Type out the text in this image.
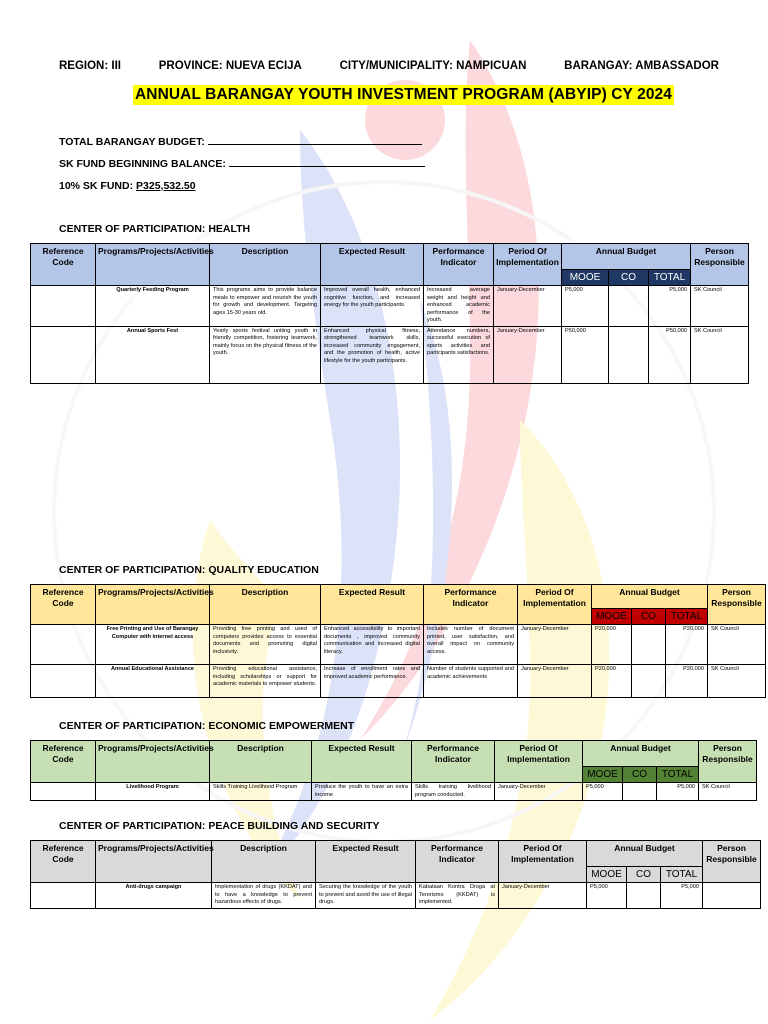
REGION: III	PROVINCE: NUEVA ECIJA	CITY/MUNICIPALITY: NAMPICUAN	BARANGAY: AMBASSADOR
ANNUAL BARANGAY YOUTH INVESTMENT PROGRAM (ABYIP) CY 2024
TOTAL BARANGAY BUDGET:
SK FUND BEGINNING BALANCE:
10% SK FUND: P325,532.50
CENTER OF PARTICIPATION: HEALTH
Reference Code	Programs/Projects/Activities	Description	Expected Result	Performance Indicator	Period Of Implementation	Annual Budget			Person Responsible
						MOOE	CO	TOTAL	
	Quarterly Feeding Program	This programs aims to provide balance meals to empower and nourish the youth for growth and development. Targeting ages 15-30 years old.	Improved overall health, enhanced cognitive function, and increased energy for the youth participants.	Increased average weight and height and enhanced academic performance of the youth.	January-December	P5,000		P5,000	SK Council
	Annual Sports Fest	Yearly sports festival uniting youth in friendly competition, fostering teamwork, mainly focus on the physical fitness of the youth.	Enhanced physical fitness, strengthened teamwork skills, increased community engagement, and the promotion of health, active lifestyle for the youth participants.	Attendance numbers, successful execution of sports activities and participants satisfactions.	January-December	P50,000		P50,000	SK Council
CENTER OF PARTICIPATION: QUALITY EDUCATION
Reference Code	Programs/Projects/Activities	Description	Expected Result	Performance Indicator	Period Of Implementation	Annual Budget			Person Responsible
						MOOE	CO	TOTAL	
	Free Printing and Use of Barangay Computer with internet access	Providing free printing and used of computers provides access to essential documents and promoting digital inclusivity.	Enhanced accessibility to important documents , improved community communication and increased digital literacy.	Includes number of document printed, user satisfaction, and overall impact on community access.	January-December	P20,000		P20,000	SK Council
	Annual Educational Assistance	Providing educational assistance, including scholarships or support for academic materials to empower students.	Increase of enrollment rates and improved academic performance.	Number of students supported and academic achievements	January-December	P20,000		P20,000	SK Council
CENTER OF PARTICIPATION: ECONOMIC EMPOWERMENT
Reference Code	Programs/Projects/Activities	Description	Expected Result	Performance Indicator	Period Of Implementation	Annual Budget			Person Responsible
						MOOE	CO	TOTAL	
	Livelihood Program	Skills Training Livelihood Program	Produce the youth to have an extra income	Skills training livelihood program conducted.	January-December	P5,000		P5,000	SK Council
CENTER OF PARTICIPATION: PEACE BUILDING AND SECURITY
Reference Code	Programs/Projects/Activities	Description	Expected Result	Performance Indicator	Period Of Implementation	Annual Budget			Person Responsible
						MOOE	CO	TOTAL	
	Anti-drugs campaign	Implementation of drugs (KKDAT) and to have a knowledge to prevent hazardous effects of drugs.	Securing the knowledge of the youth to prevent and avoid the use of illegal drugs.	Kabataan Kontra Droga at Terorismo (KKDAT) is implemented.	January-December	P5,000		P5,000	
